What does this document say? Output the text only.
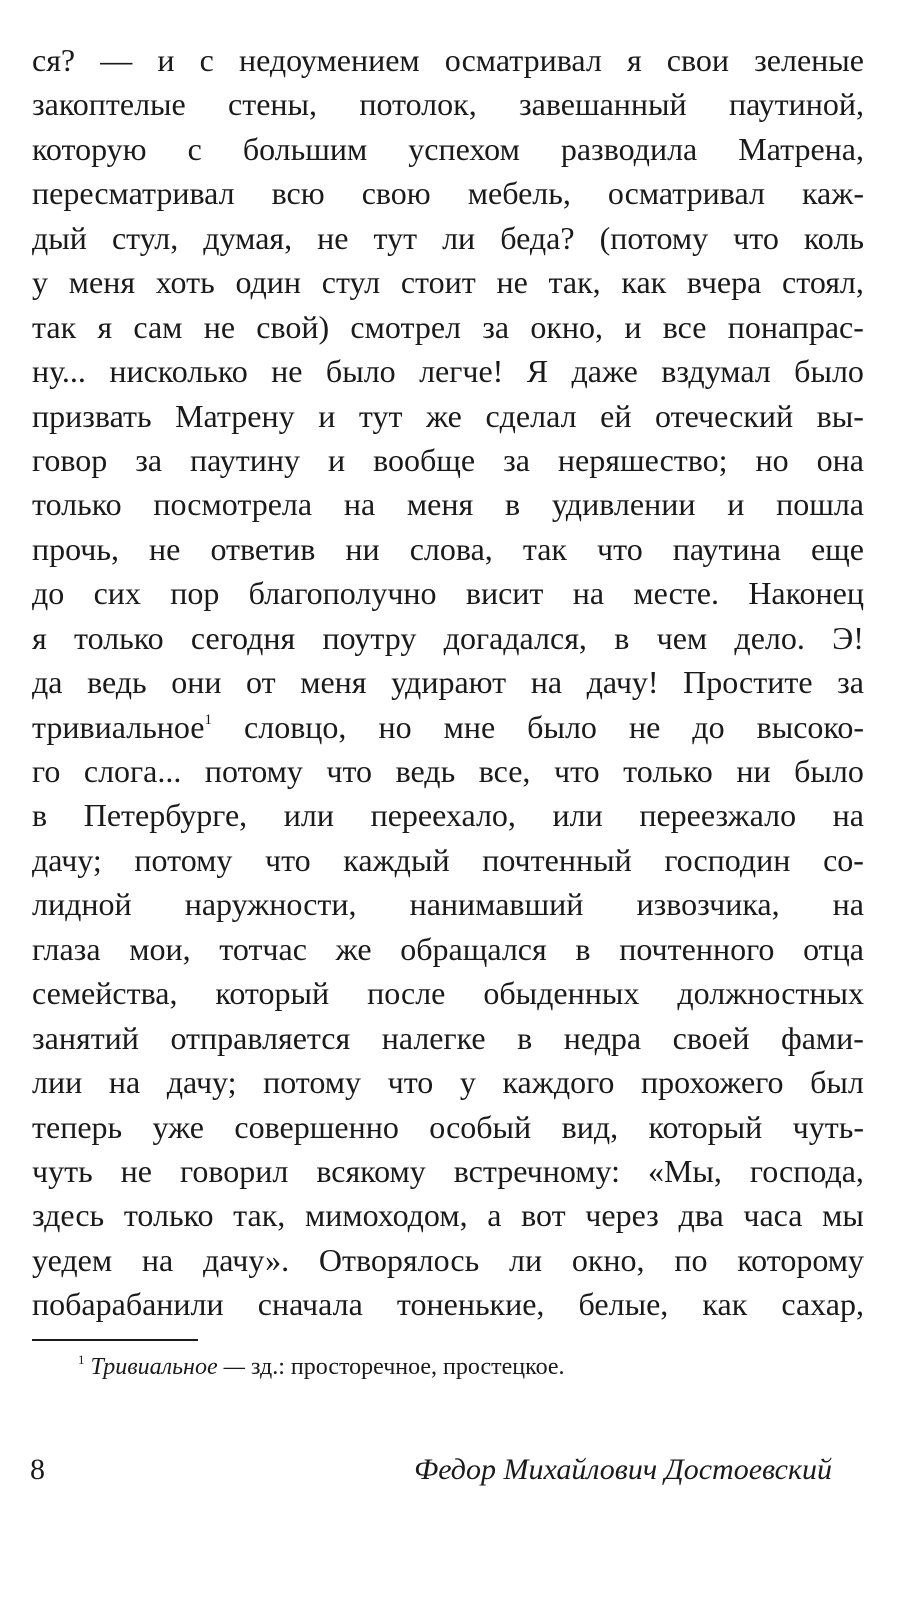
ся? — и с недоумением осматривал я свои зеленые
закоптелые стены, потолок, завешанный паутиной,
которую с большим успехом разводила Матрена,
пересматривал всю свою мебель, осматривал каж-
дый стул, думая, не тут ли беда? (потому что коль
у меня хоть один стул стоит не так, как вчера стоял,
так я сам не свой) смотрел за окно, и все понапрас-
ну... нисколько не было легче! Я даже вздумал было
призвать Матрену и тут же сделал ей отеческий вы-
говор за паутину и вообще за неряшество; но она
только посмотрела на меня в удивлении и пошла
прочь, не ответив ни слова, так что паутина еще
до сих пор благополучно висит на месте. Наконец
я только сегодня поутру догадался, в чем дело. Э!
да ведь они от меня удирают на дачу! Простите за
тривиальное$^1$ словцо, но мне было не до высоко-
го слога... потому что ведь все, что только ни было
в Петербурге, или переехало, или переезжало на
дачу; потому что каждый почтенный господин со-
лидной наружности, нанимавший извозчика, на
глаза мои, тотчас же обращался в почтенного отца
семейства, который после обыденных должностных
занятий отправляется налегке в недра своей фами-
лии на дачу; потому что у каждого прохожего был
теперь уже совершенно особый вид, который чуть-
чуть не говорил всякому встречному: «Мы, господа,
здесь только так, мимоходом, а вот через два часа мы
уедем на дачу». Отворялось ли окно, по которому
побарабанили сначала тоненькие, белые, как сахар,
$^1$ Тривиальное — зд.: просторечное, простецкое.
8	Федор Михайлович Достоевский
